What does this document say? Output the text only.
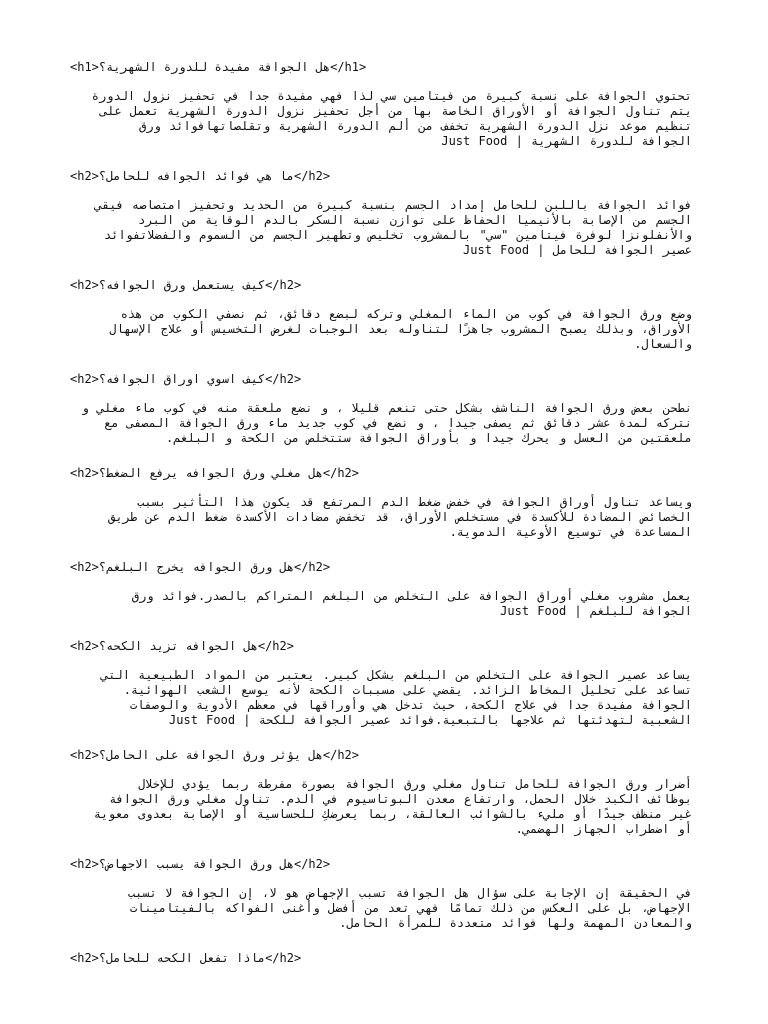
<h1>هل الجوافة مفيدة للدورة الشهرية؟</h1>
تحتوي الجوافة على نسبة كبيرة من فيتامين سي لذا فهي مفيدة جدا في تحفيز نزول الدورة
يتم تناول الجوافة أو الأوراق الخاصة بها من أجل تحفيز نزول الدورة الشهرية تعمل على
تنظيم موعد نزل الدورة الشهرية تخفف من ألم الدورة الشهرية وتقلصاتهافوائد ورق
الجوافة للدورة الشهرية | Just Food
<h2>ما هي فوائد الجوافه للحامل؟</h2>
فوائد الجوافة باللبن للحامل إمداد الجسم بنسبة كبيرة من الحديد وتحفيز امتصاصه فيقي
الجسم من الإصابة بالأنيميا الحفاظ على توازن نسبة السكر بالدم الوقاية من البرد
والأنفلونزا لوفرة فيتامين "سي" بالمشروب تخليص وتطهير الجسم من السموم والفضلاتفوائد
عصير الجوافة للحامل | Just Food
<h2>كيف يستعمل ورق الجوافه؟</h2>
وضع ورق الجوافة في كوب من الماء المغلي وتركه لبضع دقائق، ثم نصفي الكوب من هذه
الأوراق، وبذلك يصبح المشروب جاهزًا لتناوله بعد الوجبات لغرض التخسيس أو علاج الإسهال
والسعال.
<h2>كيف اسوي اوراق الجوافه؟</h2>
نطحن بعض ورق الجوافة الناشف بشكل حتى تنعم قليلا ، و نضع ملعقة منه في كوب ماء مغلي و
نتركه لمدة عشر دقائق ثم يصفى جيدا ، و نضع في كوب جديد ماء ورق الجوافة المصفى مع
ملعقتين من العسل و يحرك جيدا و بأوراق الجوافة ستتخلص من الكحة و البلغم.
<h2>هل مغلي ورق الجوافه يرفع الضغط؟</h2>
ويساعد تناول أوراق الجوافة في خفض ضغط الدم المرتفع قد يكون هذا التأثير بسبب
الخصائص المضادة للأكسدة في مستخلص الأوراق، قد تخفض مضادات الأكسدة ضغط الدم عن طريق
المساعدة في توسيع الأوعية الدموية.
<h2>هل ورق الجوافه يخرج البلغم؟</h2>
يعمل مشروب مغلي أوراق الجوافة على التخلص من البلغم المتراكم بالصدر.فوائد ورق
الجوافة للبلغم | Just Food
<h2>هل الجوافه تزيد الكحه؟</h2>
يساعد عصير الجوافة على التخلص من البلغم بشكل كبير. يعتبر من المواد الطبيعية التي
تساعد على تحليل المخاط الزائد. يقضي على مسببات الكحة لأنه يوسع الشعب الهوائية.
الجوافة مفيدة جدا في علاج الكحة، حيث تدخل هي وأوراقها في معظم الأدوية والوصفات
الشعبية لتهدئتها ثم علاجها بالتبعية.فوائد عصير الجوافة للكحة | Just Food
<h2>هل يؤثر ورق الجوافة على الحامل؟</h2>
أضرار ورق الجوافة للحامل تناول مغلي ورق الجوافة بصورة مفرطة ربما يؤدي للإخلال
بوظائف الكبد خلال الحمل، وارتفاع معدن البوتاسيوم في الدم. تناول مغلي ورق الجوافة
غير منظف جيدًا أو مليء بالشوائب العالقة، ربما يعرضكِ للحساسية أو الإصابة بعدوى معوية
أو اضطراب الجهاز الهضمي.
<h2>هل ورق الجوافة يسبب الاجهاض؟</h2>
في الحقيقة إن الإجابة على سؤال هل الجوافة تسبب الإجهاض هو لا، إن الجوافة لا تسبب
الإجهاض، بل على العكس من ذلك تمامًا فهي تعد من أفضل وأغنى الفواكه بالفيتامينات
والمعادن المهمة ولها فوائد متعددة للمرأة الحامل.
<h2>ماذا تفعل الكحه للحامل؟</h2>
